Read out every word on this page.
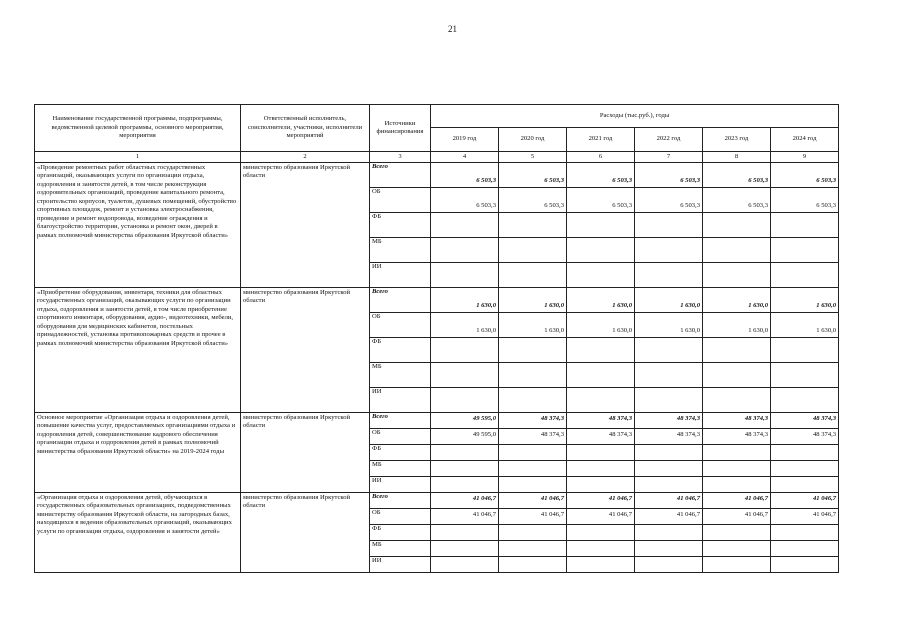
21
Наименование государственной программы, подпрограммы, ведомственной целевой программы, основного мероприятия, мероприятия	Ответственный исполнитель, соисполнители, участники, исполнители мероприятий	Источники финансирования	Расходы (тыс.руб.), годы					
			2019 год	2020 год	2021 год	2022 год	2023 год	2024 год
1	2	3	4	5	6	7	8	9
«Проведение ремонтных работ областных государственных организаций, оказывающих услуги по организации отдыха, оздоровления и занятости детей, в том числе реконструкция оздоровительных организаций, проведение капитального ремонта, строительство корпусов, туалетов, душевых помещений, обустройство спортивных площадок, ремонт и установка электроснабжения, проведение и ремонт водопровода, возведение ограждения и благоустройство территории, установка и ремонт окон, дверей в рамках полномочий министерства образования Иркутской области»	министерство образования Иркутской области	Всего	6 503,3	6 503,3	6 503,3	6 503,3	6 503,3	6 503,3
		ОБ	6 503,3	6 503,3	6 503,3	6 503,3	6 503,3	6 503,3
		ФБ						
		МБ						
		ИИ						
«Приобретение оборудования, инвентаря, техники для областных государственных организаций, оказывающих услуги по организации отдыха, оздоровления и занятости детей, в том числе приобретение спортивного инвентаря, оборудования, аудио-, видеотехники, мебели, оборудования для медицинских кабинетов, постельных принадлежностей, установка противопожарных средств и прочее в рамках полномочий министерства образования Иркутской области»	министерство образования Иркутской области	Всего	1 630,0	1 630,0	1 630,0	1 630,0	1 630,0	1 630,0
		ОБ	1 630,0	1 630,0	1 630,0	1 630,0	1 630,0	1 630,0
		ФБ						
		МБ						
		ИИ						
Основное мероприятие «Организация отдыха и оздоровления детей, повышение качества услуг, предоставляемых организациями отдыха и оздоровления детей, совершенствование кадрового обеспечения организации отдыха и оздоровления детей в рамках полномочий министерства образования Иркутской области» на 2019-2024 годы	министерство образования Иркутской области	Всего	49 595,0	48 374,3	48 374,3	48 374,3	48 374,3	48 374,3
		ОБ	49 595,0	48 374,3	48 374,3	48 374,3	48 374,3	48 374,3
		ФБ						
		МБ						
		ИИ						
«Организация отдыха и оздоровления детей, обучающихся в государственных образовательных организациях, подведомственных министерству образования Иркутской области, на загородных базах, находящихся в ведении образовательных организаций, оказывающих услуги по организации отдыха, оздоровления и занятости детей»	министерство образования Иркутской области	Всего	41 046,7	41 046,7	41 046,7	41 046,7	41 046,7	41 046,7
		ОБ	41 046,7	41 046,7	41 046,7	41 046,7	41 046,7	41 046,7
		ФБ						
		МБ						
		ИИ						
